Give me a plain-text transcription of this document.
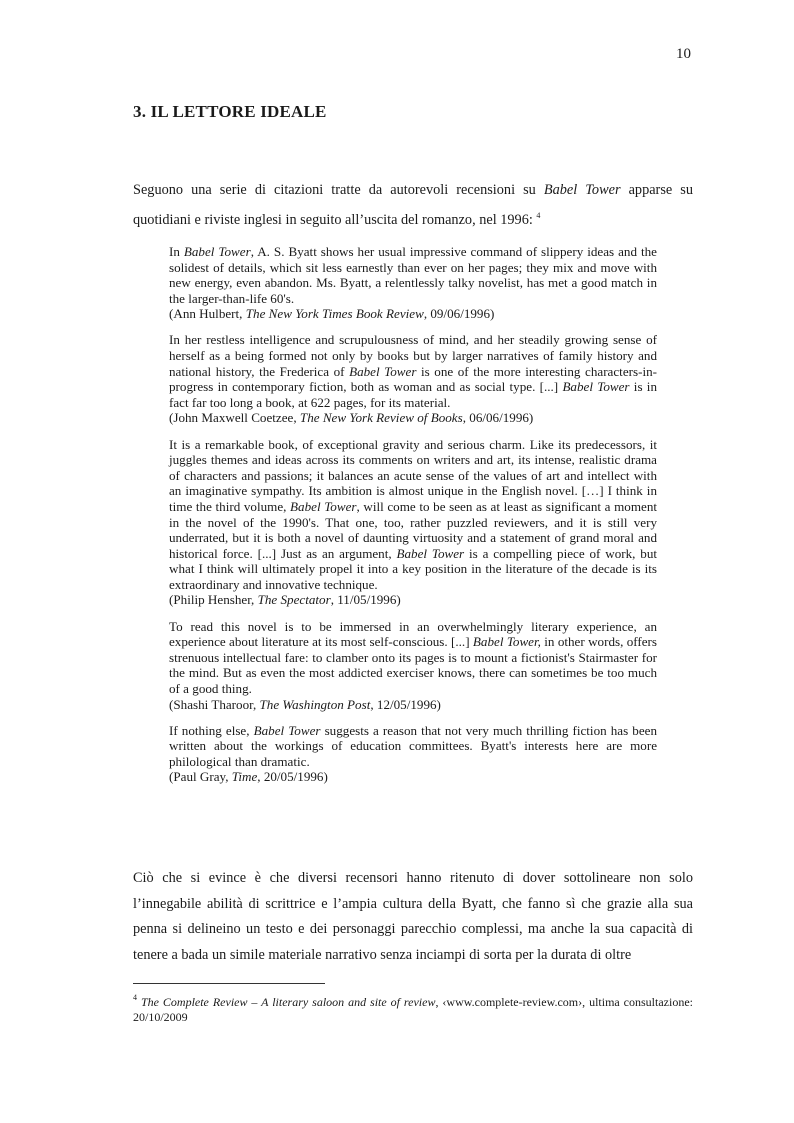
10
3. IL LETTORE IDEALE

Seguono una serie di citazioni tratte da autorevoli recensioni su Babel Tower apparse su quotidiani e riviste inglesi in seguito all’uscita del romanzo, nel 1996: $^4$

In Babel Tower, A. S. Byatt shows her usual impressive command of slippery ideas and the solidest of details, which sit less earnestly than ever on her pages; they mix and move with new energy, even abandon. Ms. Byatt, a relentlessly talky novelist, has met a good match in the larger-than-life 60's.
(Ann Hulbert, The New York Times Book Review, 09/06/1996)

In her restless intelligence and scrupulousness of mind, and her steadily growing sense of herself as a being formed not only by books but by larger narratives of family history and national history, the Frederica of Babel Tower is one of the more interesting characters-in-progress in contemporary fiction, both as woman and as social type. [...] Babel Tower is in fact far too long a book, at 622 pages, for its material.
(John Maxwell Coetzee, The New York Review of Books, 06/06/1996)

It is a remarkable book, of exceptional gravity and serious charm. Like its predecessors, it juggles themes and ideas across its comments on writers and art, its intense, realistic drama of characters and passions; it balances an acute sense of the values of art and intellect with an imaginative sympathy. Its ambition is almost unique in the English novel. […] I think in time the third volume, Babel Tower, will come to be seen as at least as significant a moment in the novel of the 1990's. That one, too, rather puzzled reviewers, and it is still very underrated, but it is both a novel of daunting virtuosity and a statement of grand moral and historical force. [...] Just as an argument, Babel Tower is a compelling piece of work, but what I think will ultimately propel it into a key position in the literature of the decade is its extraordinary and innovative technique.
(Philip Hensher, The Spectator, 11/05/1996)

To read this novel is to be immersed in an overwhelmingly literary experience, an experience about literature at its most self-conscious. [...] Babel Tower, in other words, offers strenuous intellectual fare: to clamber onto its pages is to mount a fictionist's Stairmaster for the mind. But as even the most addicted exerciser knows, there can sometimes be too much of a good thing.
(Shashi Tharoor, The Washington Post, 12/05/1996)

If nothing else, Babel Tower suggests a reason that not very much thrilling fiction has been written about the workings of education committees. Byatt's interests here are more philological than dramatic.
(Paul Gray, Time, 20/05/1996)

Ciò che si evince è che diversi recensori hanno ritenuto di dover sottolineare non solo l’innegabile abilità di scrittrice e l’ampia cultura della Byatt, che fanno sì che grazie alla sua penna si delineino un testo e dei personaggi parecchio complessi, ma anche la sua capacità di tenere a bada un simile materiale narrativo senza inciampi di sorta per la durata di oltre

$^4$ The Complete Review – A literary saloon and site of review, ‹www.complete-review.com›, ultima consultazione: 20/10/2009
